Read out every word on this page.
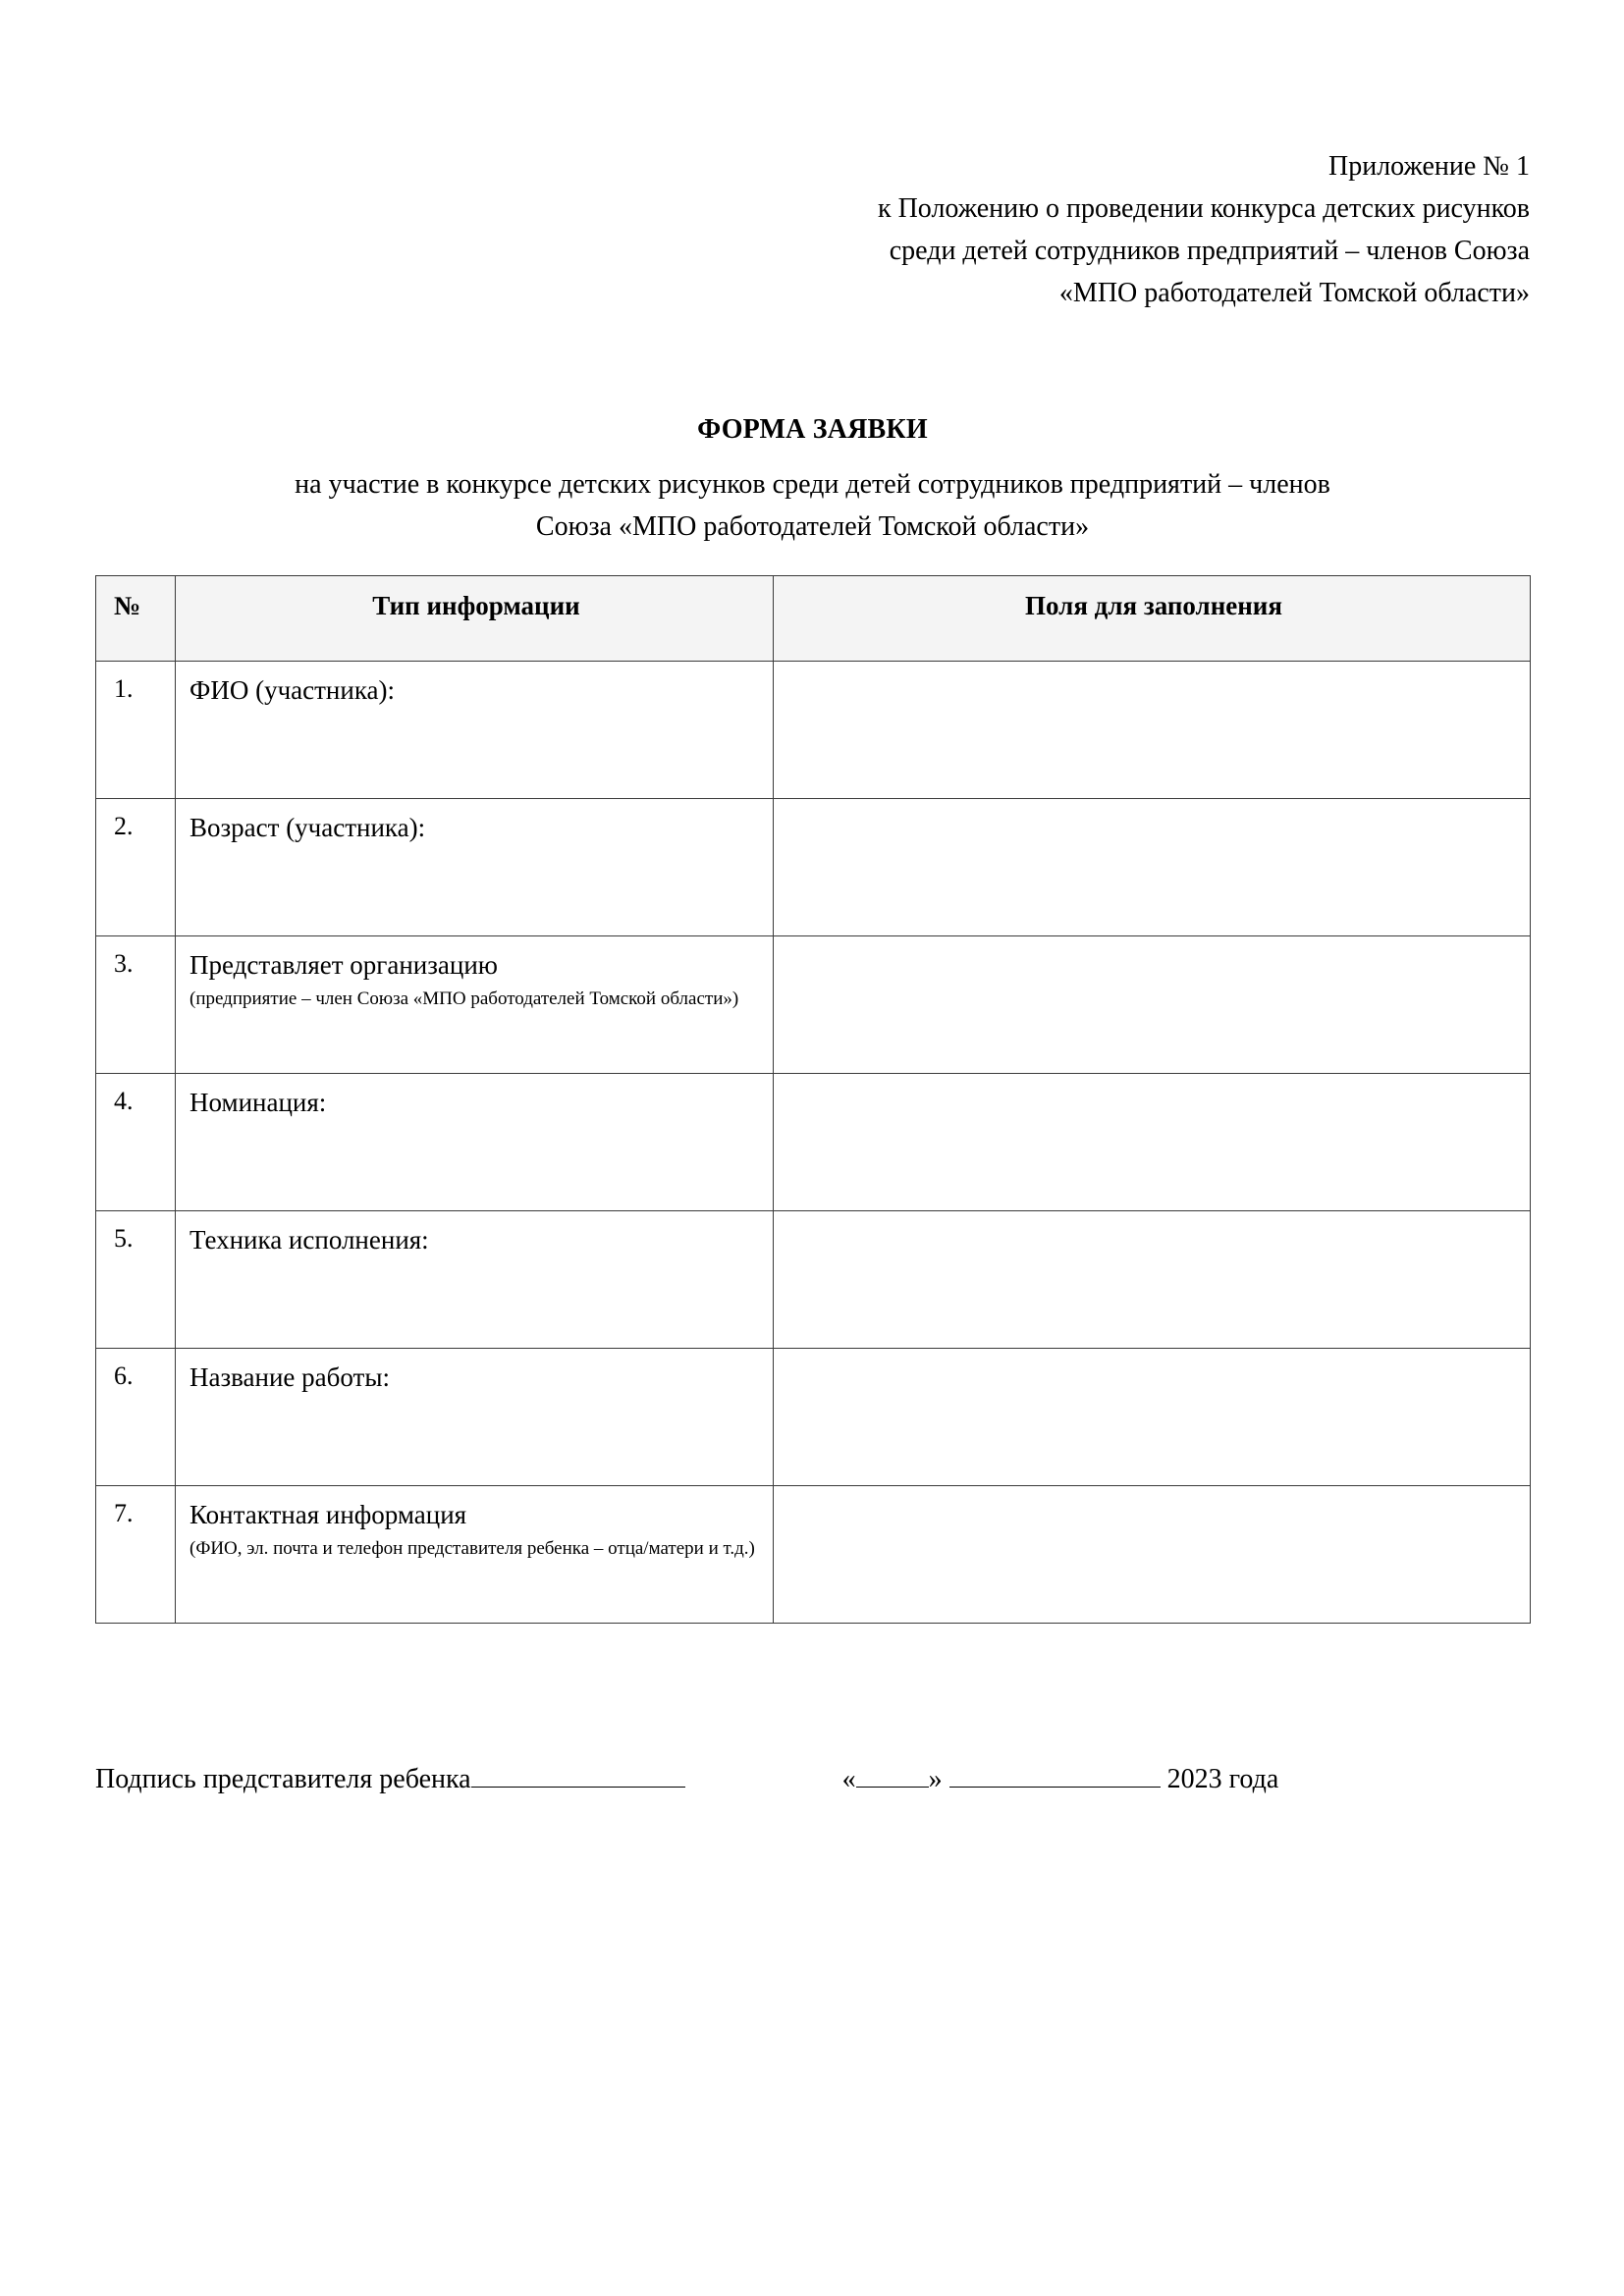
Приложение № 1
к Положению о проведении конкурса детских рисунков
среди детей сотрудников предприятий – членов Союза
«МПО работодателей Томской области»
ФОРМА ЗАЯВКИ
на участие в конкурсе детских рисунков среди детей сотрудников предприятий – членов
Союза «МПО работодателей Томской области»
№	Тип информации	Поля для заполнения
1.	ФИО (участника):	

2.	Возраст (участника):	

3.	Представляет организацию
(предприятие – член Союза «МПО работодателей Томской области»)	

4.	Номинация:	

5.	Техника исполнения:	

6.	Название работы:	

7.	Контактная информация
(ФИО, эл. почта и телефон представителя ребенка – отца/матери и т.д.)	

Подпись представителя ребенка	«	»	2023 года
